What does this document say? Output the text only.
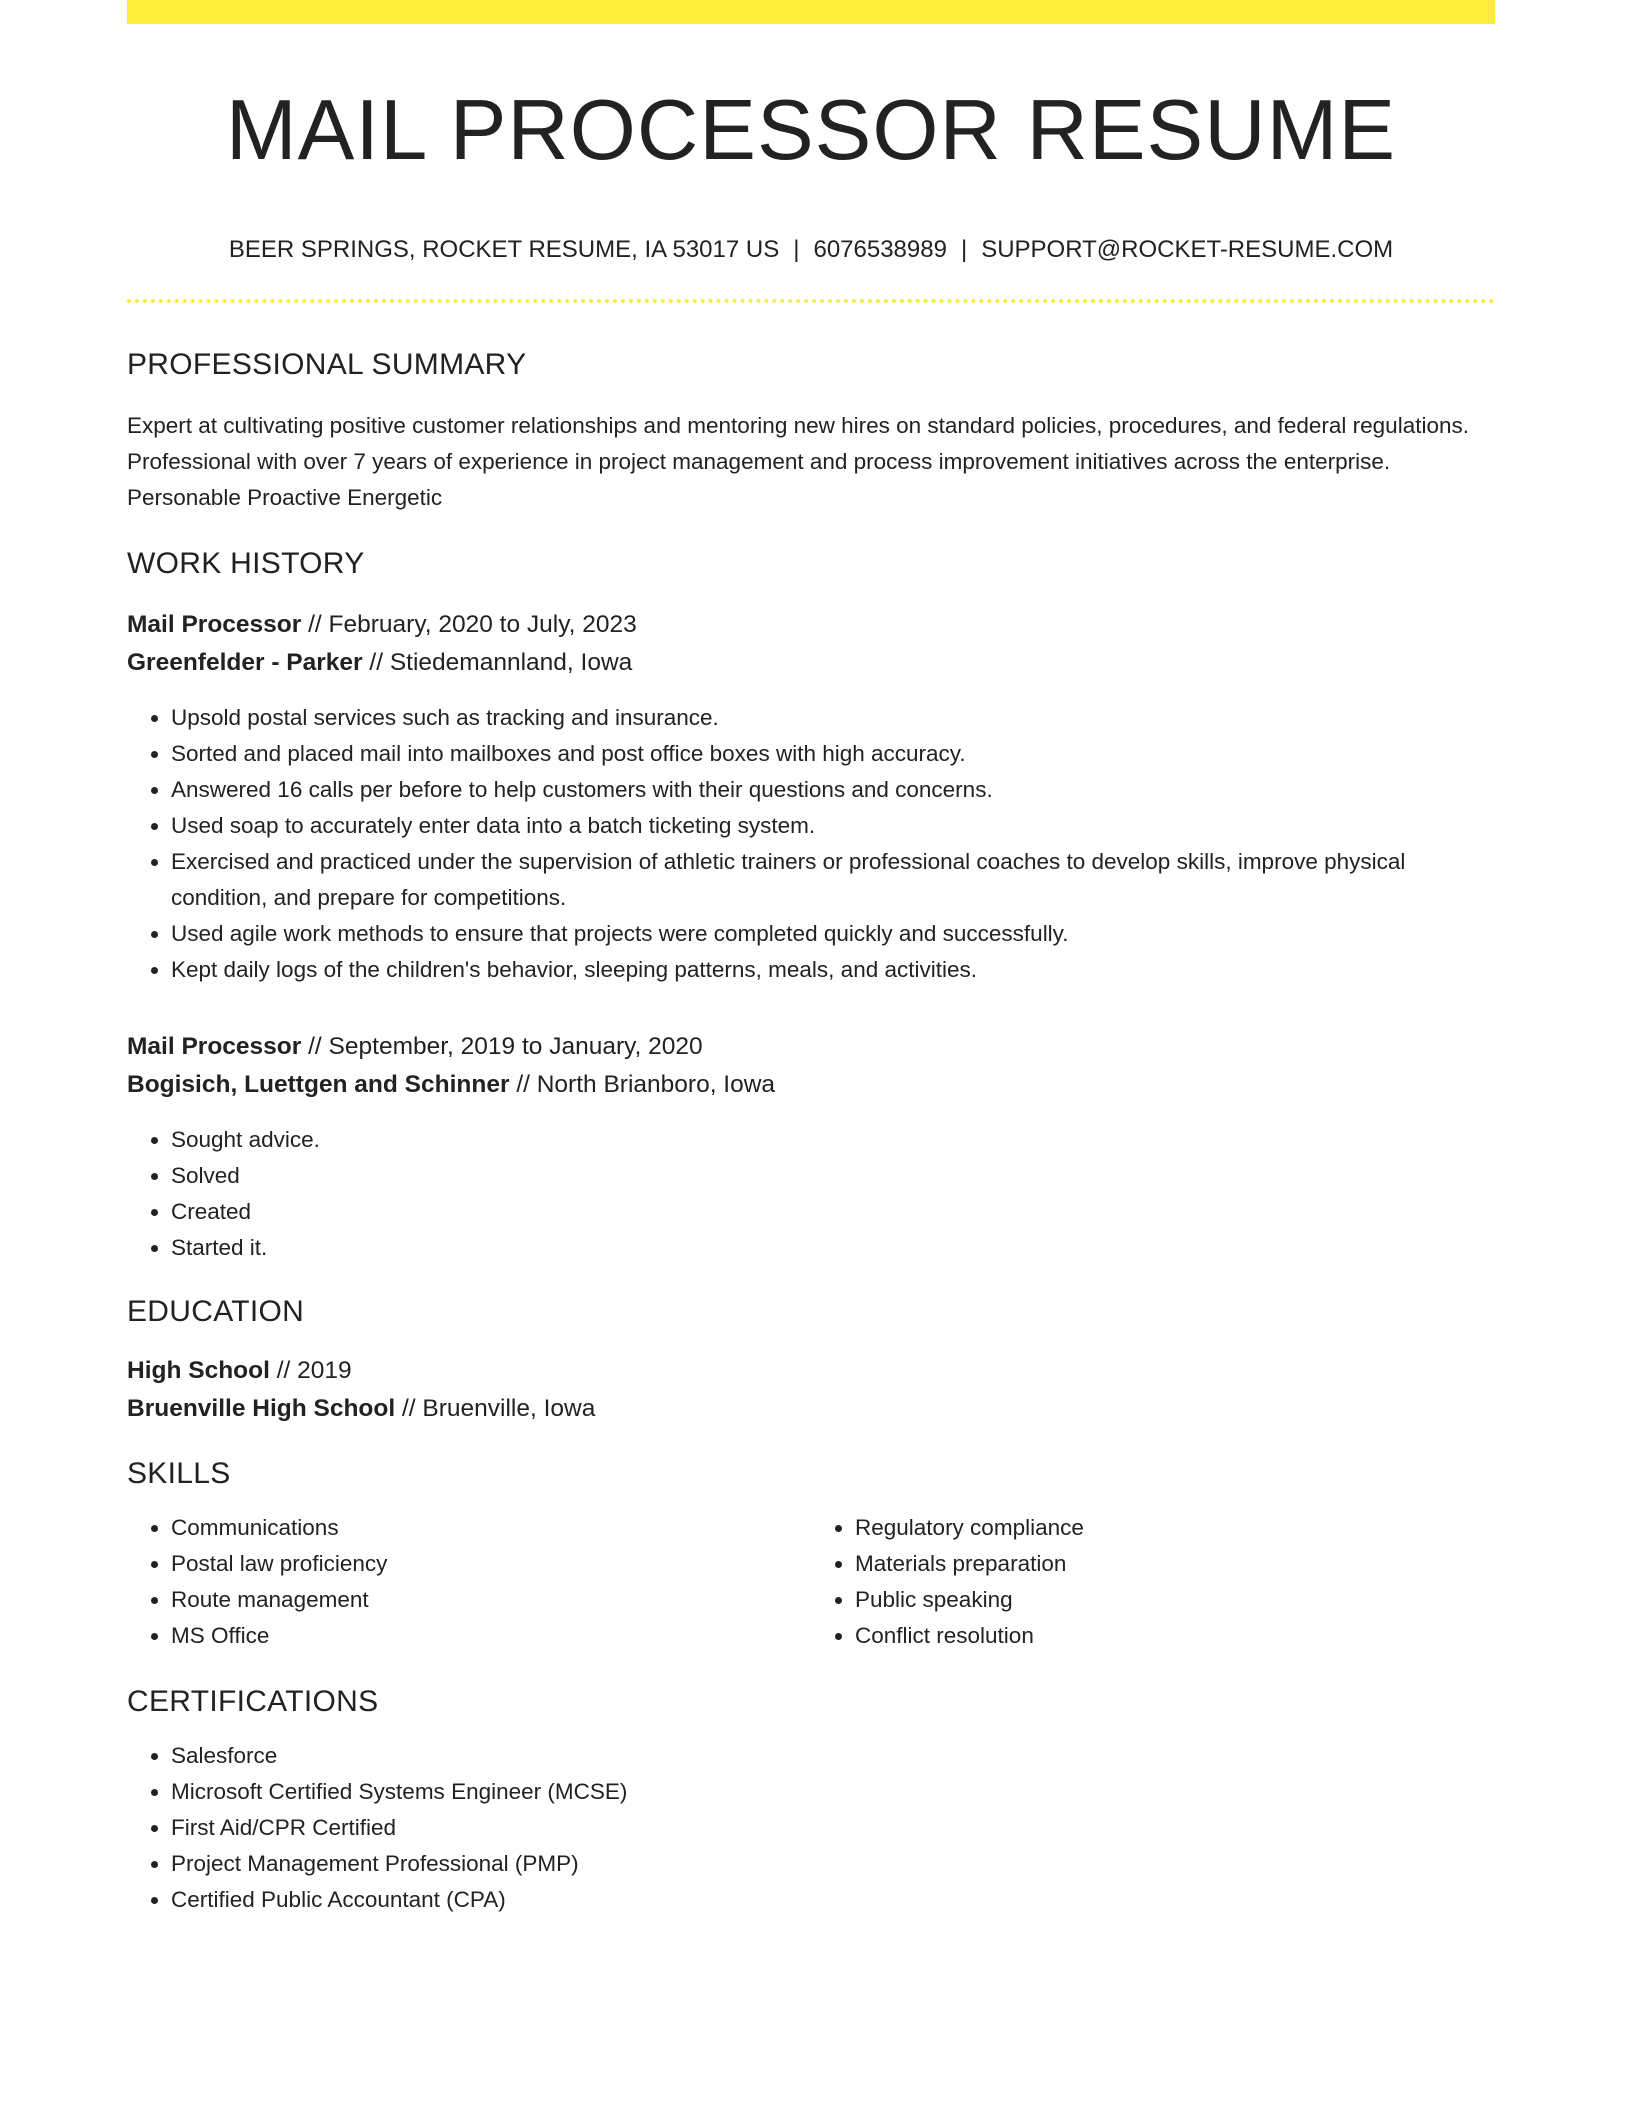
MAIL PROCESSOR RESUME
BEER SPRINGS, ROCKET RESUME, IA 53017 US | 6076538989 | SUPPORT@ROCKET-RESUME.COM
PROFESSIONAL SUMMARY
Expert at cultivating positive customer relationships and mentoring new hires on standard policies, procedures, and federal regulations. Professional with over 7 years of experience in project management and process improvement initiatives across the enterprise. Personable Proactive Energetic
WORK HISTORY
Mail Processor // February, 2020 to July, 2023
Greenfelder - Parker // Stiedemannland, Iowa
• Upsold postal services such as tracking and insurance.
• Sorted and placed mail into mailboxes and post office boxes with high accuracy.
• Answered 16 calls per before to help customers with their questions and concerns.
• Used soap to accurately enter data into a batch ticketing system.
• Exercised and practiced under the supervision of athletic trainers or professional coaches to develop skills, improve physical condition, and prepare for competitions.
• Used agile work methods to ensure that projects were completed quickly and successfully.
• Kept daily logs of the children's behavior, sleeping patterns, meals, and activities.
Mail Processor // September, 2019 to January, 2020
Bogisich, Luettgen and Schinner // North Brianboro, Iowa
• Sought advice.
• Solved
• Created
• Started it.
EDUCATION
High School // 2019
Bruenville High School // Bruenville, Iowa
SKILLS
• Communications
• Postal law proficiency
• Route management
• MS Office
• Regulatory compliance
• Materials preparation
• Public speaking
• Conflict resolution
CERTIFICATIONS
• Salesforce
• Microsoft Certified Systems Engineer (MCSE)
• First Aid/CPR Certified
• Project Management Professional (PMP)
• Certified Public Accountant (CPA)
